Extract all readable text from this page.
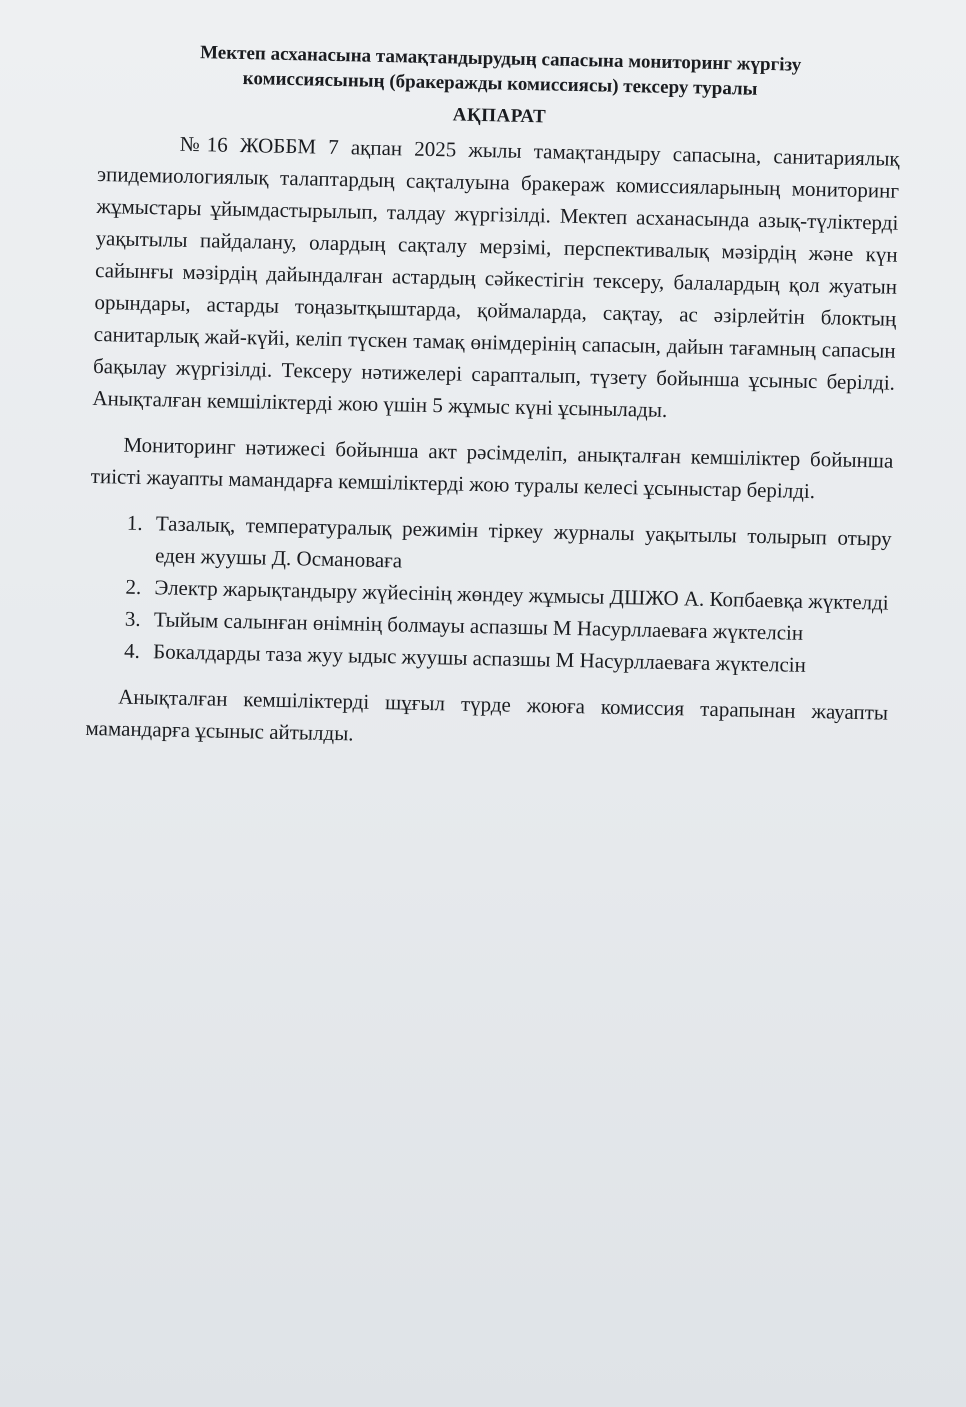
Мектеп асханасына тамақтандырудың сапасына мониторинг жүргізу
комиссиясының (бракеражды комиссиясы) тексеру туралы
АҚПАРАТ

№16 ЖОББМ 7 ақпан 2025 жылы тамақтандыру сапасына, санитариялық эпидемиологиялық талаптардың сақталуына бракераж комиссияларының мониторинг жұмыстары ұйымдастырылып, талдау жүргізілді. Мектеп асханасында азық-түліктерді уақытылы пайдалану, олардың сақталу мерзімі, перспективалық мәзірдің және күн сайынғы мәзірдің дайындалған астардың сәйкестігін тексеру, балалардың қол жуатын орындары, астарды тоңазытқыштарда, қоймаларда, сақтау, ас әзірлейтін блоктың санитарлық жай-күйі, келіп түскен тамақ өнімдерінің сапасын, дайын тағамның сапасын бақылау жүргізілді. Тексеру нәтижелері сарапталып, түзету бойынша ұсыныс берілді. Анықталған кемшіліктерді жою үшін 5 жұмыс күні ұсынылады.

Мониторинг нәтижесі бойынша акт рәсімделіп, анықталған кемшіліктер бойынша тиісті жауапты мамандарға кемшіліктерді жою туралы келесі ұсыныстар берілді.

1. Тазалық, температуралық режимін тіркеу журналы уақытылы толырып отыру еден жуушы Д. Османоваға
2. Электр жарықтандыру жүйесінің жөндеу жұмысы ДШЖО А. Копбаевқа жүктелді
3. Тыйым салынған өнімнің болмауы аспазшы М Насурллаеваға жүктелсін
4. Бокалдарды таза жуу ыдыс жуушы аспазшы М Насурллаеваға жүктелсін

Анықталған кемшіліктерді шұғыл түрде жоюға комиссия тарапынан жауапты мамандарға ұсыныс айтылды.
